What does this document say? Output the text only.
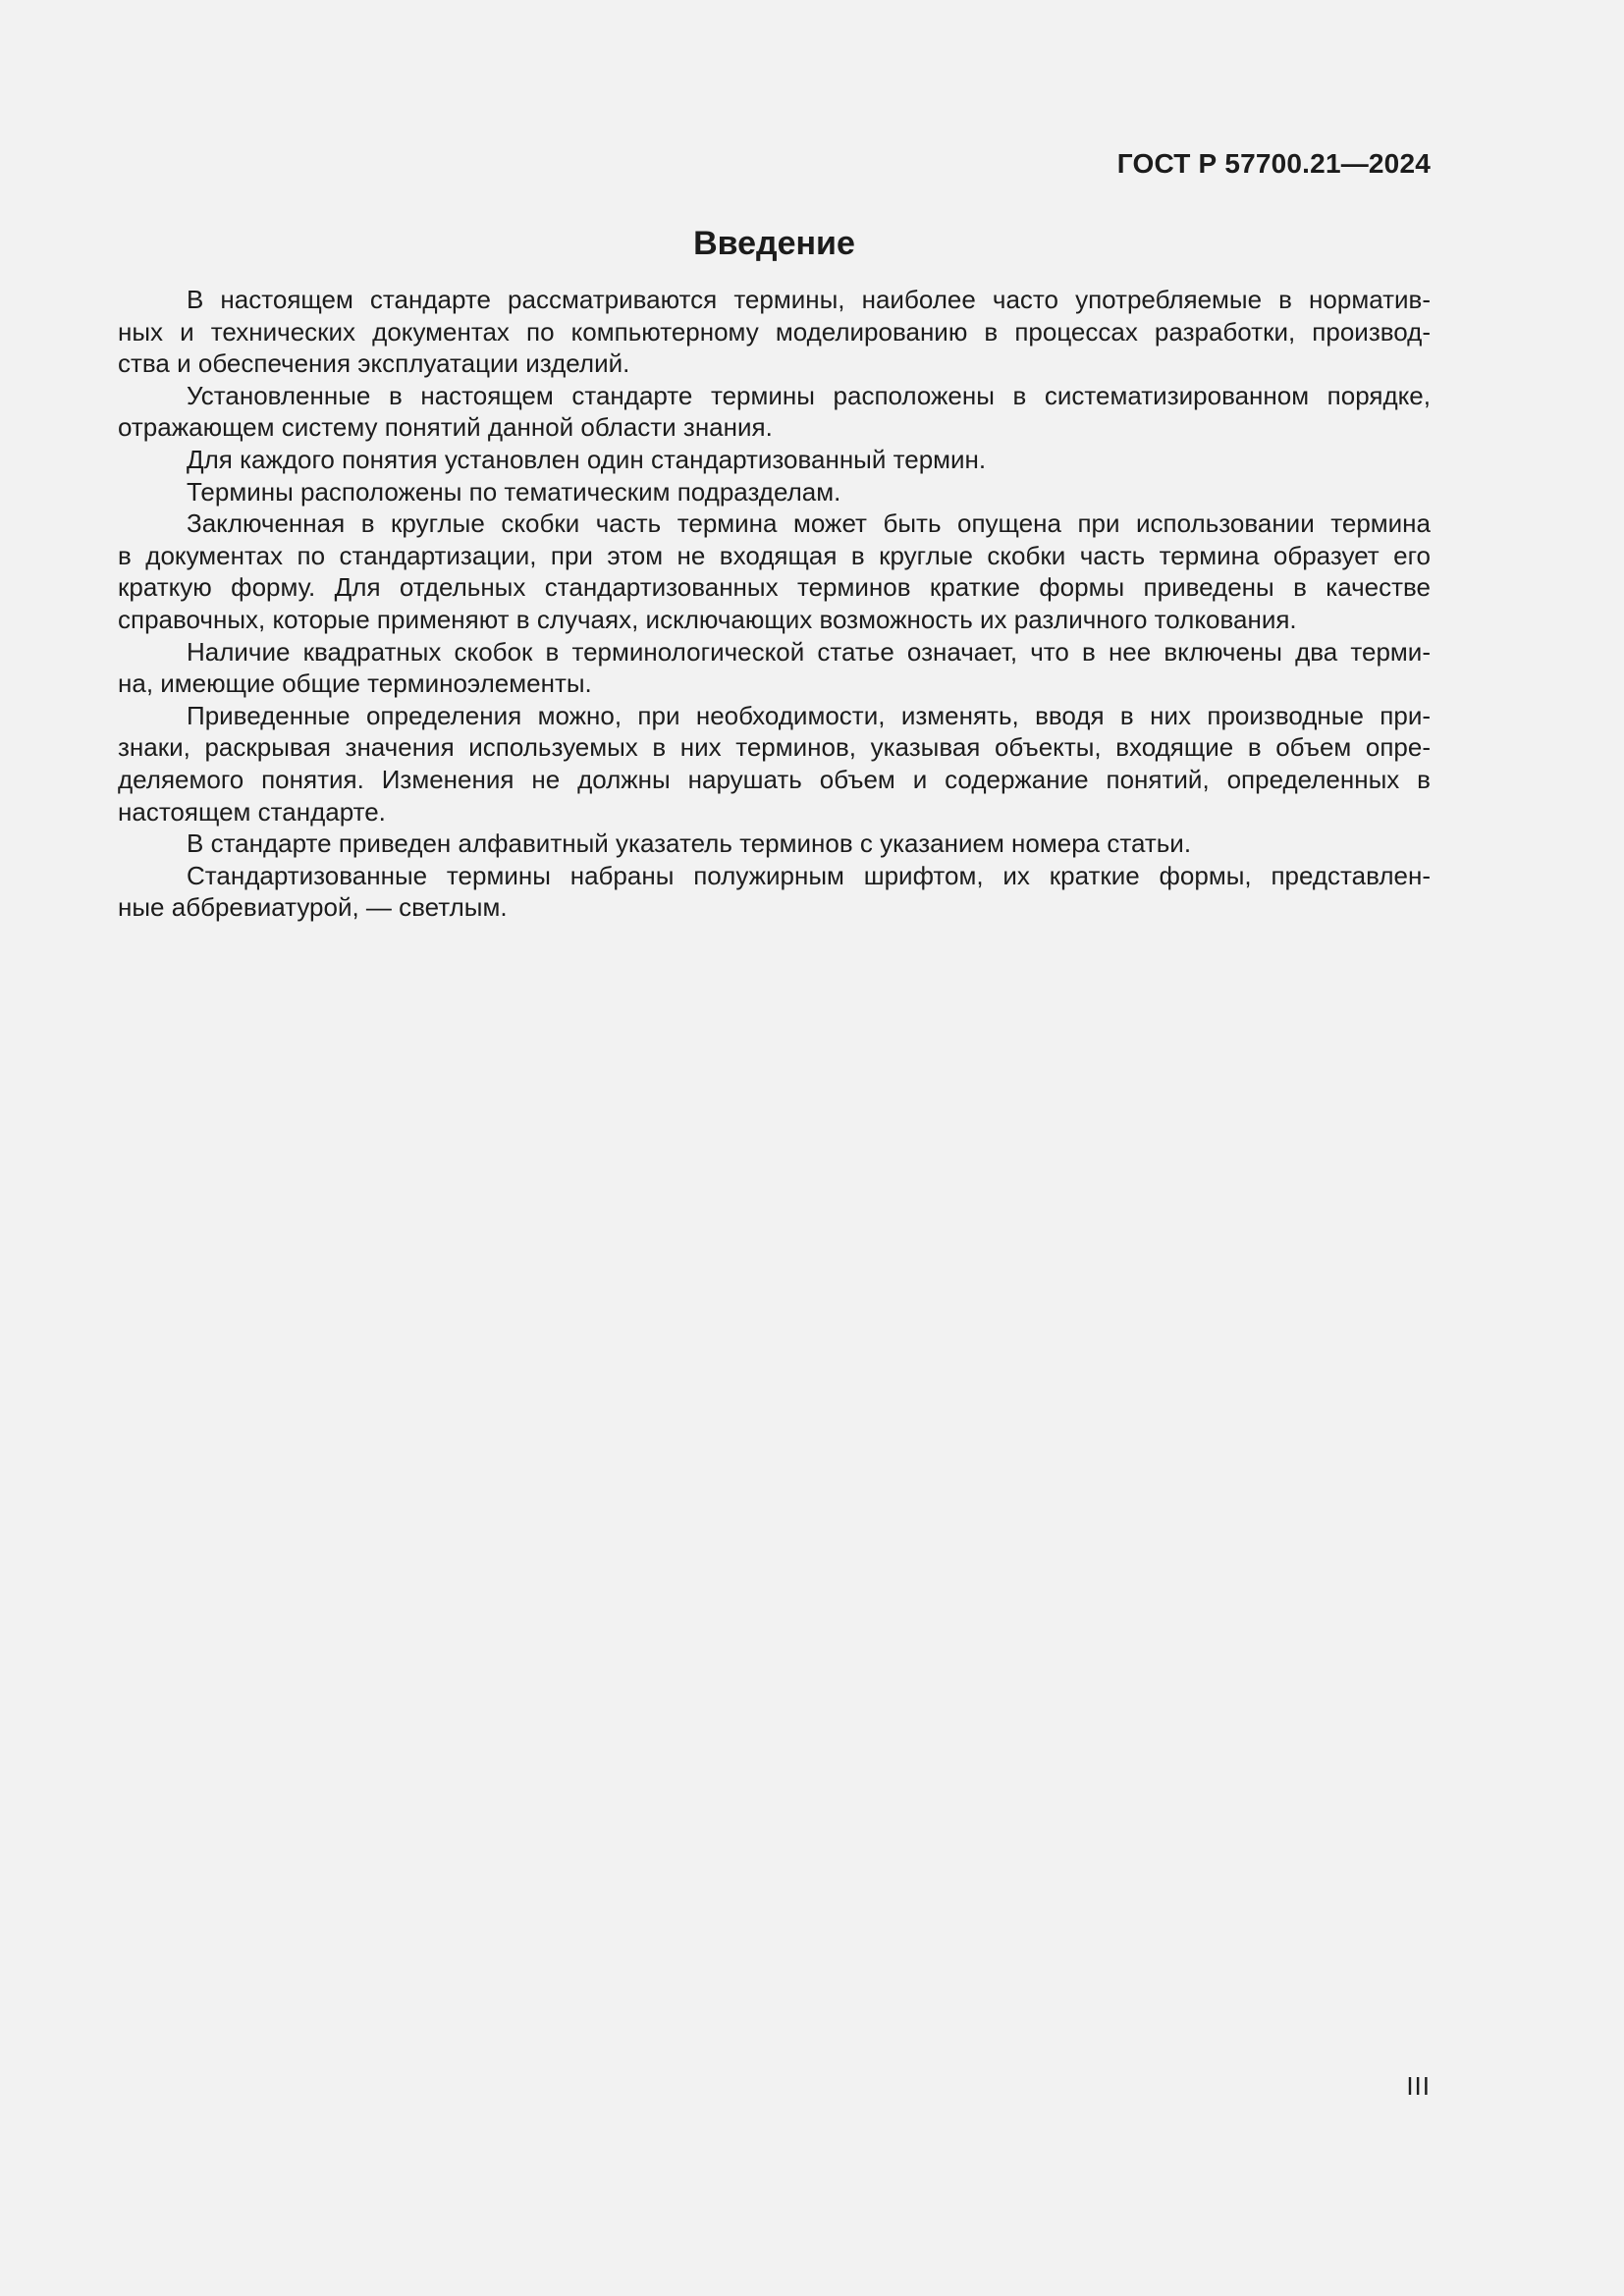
ГОСТ Р 57700.21—2024
Введение
В настоящем стандарте рассматриваются термины, наиболее часто употребляемые в норматив-
ных и технических документах по компьютерному моделированию в процессах разработки, производ-
ства и обеспечения эксплуатации изделий.
Установленные в настоящем стандарте термины расположены в систематизированном порядке,
отражающем систему понятий данной области знания.
Для каждого понятия установлен один стандартизованный термин.
Термины расположены по тематическим подразделам.
Заключенная в круглые скобки часть термина может быть опущена при использовании термина
в документах по стандартизации, при этом не входящая в круглые скобки часть термина образует его
краткую форму. Для отдельных стандартизованных терминов краткие формы приведены в качестве
справочных, которые применяют в случаях, исключающих возможность их различного толкования.
Наличие квадратных скобок в терминологической статье означает, что в нее включены два терми-
на, имеющие общие терминоэлементы.
Приведенные определения можно, при необходимости, изменять, вводя в них производные при-
знаки, раскрывая значения используемых в них терминов, указывая объекты, входящие в объем опре-
деляемого понятия. Изменения не должны нарушать объем и содержание понятий, определенных в
настоящем стандарте.
В стандарте приведен алфавитный указатель терминов с указанием номера статьи.
Стандартизованные термины набраны полужирным шрифтом, их краткие формы, представлен-
ные аббревиатурой, — светлым.
III
